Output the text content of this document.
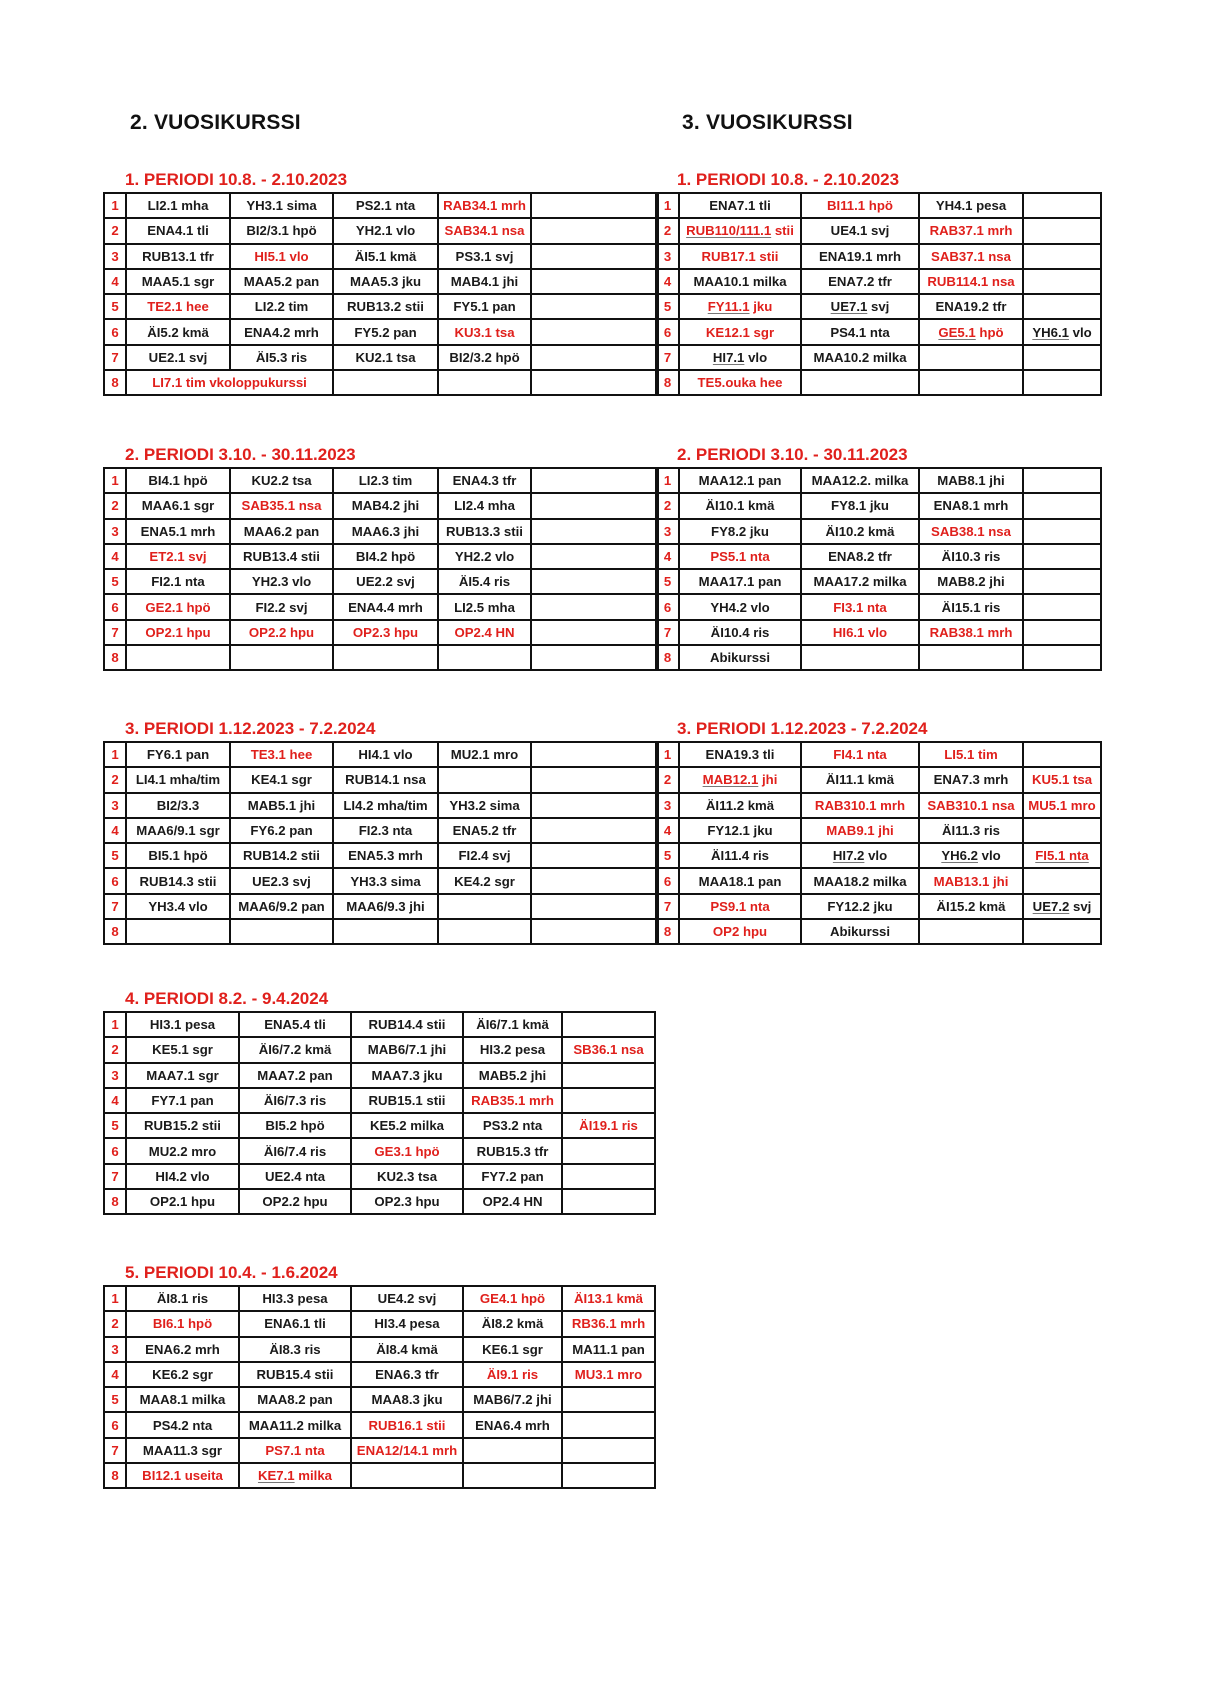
2. VUOSIKURSSI	3. VUOSIKURSSI
1. PERIODI 10.8. - 2.10.2023
1	LI2.1 mha	YH3.1 sima	PS2.1 nta	RAB34.1 mrh	
2	ENA4.1 tli	BI2/3.1 hpö	YH2.1 vlo	SAB34.1 nsa	
3	RUB13.1 tfr	HI5.1 vlo	ÄI5.1 kmä	PS3.1 svj	
4	MAA5.1 sgr	MAA5.2 pan	MAA5.3 jku	MAB4.1 jhi	
5	TE2.1 hee	LI2.2 tim	RUB13.2 stii	FY5.1 pan	
6	ÄI5.2 kmä	ENA4.2 mrh	FY5.2 pan	KU3.1 tsa	
7	UE2.1 svj	ÄI5.3 ris	KU2.1 tsa	BI2/3.2 hpö	
8	LI7.1 tim vkoloppukurssi				
2. PERIODI 3.10. - 30.11.2023
1	BI4.1 hpö	KU2.2 tsa	LI2.3 tim	ENA4.3 tfr	
2	MAA6.1 sgr	SAB35.1 nsa	MAB4.2 jhi	LI2.4 mha	
3	ENA5.1 mrh	MAA6.2 pan	MAA6.3 jhi	RUB13.3 stii	
4	ET2.1 svj	RUB13.4 stii	BI4.2 hpö	YH2.2 vlo	
5	FI2.1 nta	YH2.3 vlo	UE2.2 svj	ÄI5.4 ris	
6	GE2.1 hpö	FI2.2 svj	ENA4.4 mrh	LI2.5 mha	
7	OP2.1 hpu	OP2.2 hpu	OP2.3 hpu	OP2.4 HN	
8					
3. PERIODI 1.12.2023 - 7.2.2024
1	FY6.1 pan	TE3.1 hee	HI4.1 vlo	MU2.1 mro	
2	LI4.1 mha/tim	KE4.1 sgr	RUB14.1 nsa		
3	BI2/3.3	MAB5.1 jhi	LI4.2 mha/tim	YH3.2 sima	
4	MAA6/9.1 sgr	FY6.2 pan	FI2.3 nta	ENA5.2 tfr	
5	BI5.1 hpö	RUB14.2 stii	ENA5.3 mrh	FI2.4 svj	
6	RUB14.3 stii	UE2.3 svj	YH3.3 sima	KE4.2 sgr	
7	YH3.4 vlo	MAA6/9.2 pan	MAA6/9.3 jhi		
8					
4. PERIODI 8.2. - 9.4.2024
1	HI3.1 pesa	ENA5.4 tli	RUB14.4 stii	ÄI6/7.1 kmä	
2	KE5.1 sgr	ÄI6/7.2 kmä	MAB6/7.1 jhi	HI3.2 pesa	SB36.1 nsa
3	MAA7.1 sgr	MAA7.2 pan	MAA7.3 jku	MAB5.2 jhi	
4	FY7.1 pan	ÄI6/7.3 ris	RUB15.1 stii	RAB35.1 mrh	
5	RUB15.2 stii	BI5.2 hpö	KE5.2 milka	PS3.2 nta	ÄI19.1 ris
6	MU2.2 mro	ÄI6/7.4 ris	GE3.1 hpö	RUB15.3 tfr	
7	HI4.2 vlo	UE2.4 nta	KU2.3 tsa	FY7.2 pan	
8	OP2.1 hpu	OP2.2 hpu	OP2.3 hpu	OP2.4 HN	
5. PERIODI 10.4. - 1.6.2024
1	ÄI8.1 ris	HI3.3 pesa	UE4.2 svj	GE4.1 hpö	ÄI13.1 kmä
2	BI6.1 hpö	ENA6.1 tli	HI3.4 pesa	ÄI8.2 kmä	RB36.1 mrh
3	ENA6.2 mrh	ÄI8.3 ris	ÄI8.4 kmä	KE6.1 sgr	MA11.1 pan
4	KE6.2 sgr	RUB15.4 stii	ENA6.3 tfr	ÄI9.1 ris	MU3.1 mro
5	MAA8.1 milka	MAA8.2 pan	MAA8.3 jku	MAB6/7.2 jhi	
6	PS4.2 nta	MAA11.2 milka	RUB16.1 stii	ENA6.4 mrh	
7	MAA11.3 sgr	PS7.1 nta	ENA12/14.1 mrh		
8	BI12.1 useita	KE7.1 milka			
1. PERIODI 10.8. - 2.10.2023
1	ENA7.1 tli	BI11.1 hpö	YH4.1 pesa	
2	RUB110/111.1 stii	UE4.1 svj	RAB37.1 mrh	
3	RUB17.1 stii	ENA19.1 mrh	SAB37.1 nsa	
4	MAA10.1 milka	ENA7.2 tfr	RUB114.1 nsa	
5	FY11.1 jku	UE7.1 svj	ENA19.2 tfr	
6	KE12.1 sgr	PS4.1 nta	GE5.1 hpö	YH6.1 vlo
7	HI7.1 vlo	MAA10.2 milka		
8	TE5.ouka hee			
2. PERIODI 3.10. - 30.11.2023
1	MAA12.1 pan	MAA12.2. milka	MAB8.1 jhi	
2	ÄI10.1 kmä	FY8.1 jku	ENA8.1 mrh	
3	FY8.2 jku	ÄI10.2 kmä	SAB38.1 nsa	
4	PS5.1 nta	ENA8.2 tfr	ÄI10.3 ris	
5	MAA17.1 pan	MAA17.2 milka	MAB8.2 jhi	
6	YH4.2 vlo	FI3.1 nta	ÄI15.1 ris	
7	ÄI10.4 ris	HI6.1 vlo	RAB38.1 mrh	
8	Abikurssi			
3. PERIODI 1.12.2023 - 7.2.2024
1	ENA19.3 tli	FI4.1 nta	LI5.1 tim	
2	MAB12.1 jhi	ÄI11.1 kmä	ENA7.3 mrh	KU5.1 tsa
3	ÄI11.2 kmä	RAB310.1 mrh	SAB310.1 nsa	MU5.1 mro
4	FY12.1 jku	MAB9.1 jhi	ÄI11.3 ris	
5	ÄI11.4 ris	HI7.2 vlo	YH6.2 vlo	FI5.1 nta
6	MAA18.1 pan	MAA18.2 milka	MAB13.1 jhi	
7	PS9.1 nta	FY12.2 jku	ÄI15.2 kmä	UE7.2 svj
8	OP2 hpu	Abikurssi		
